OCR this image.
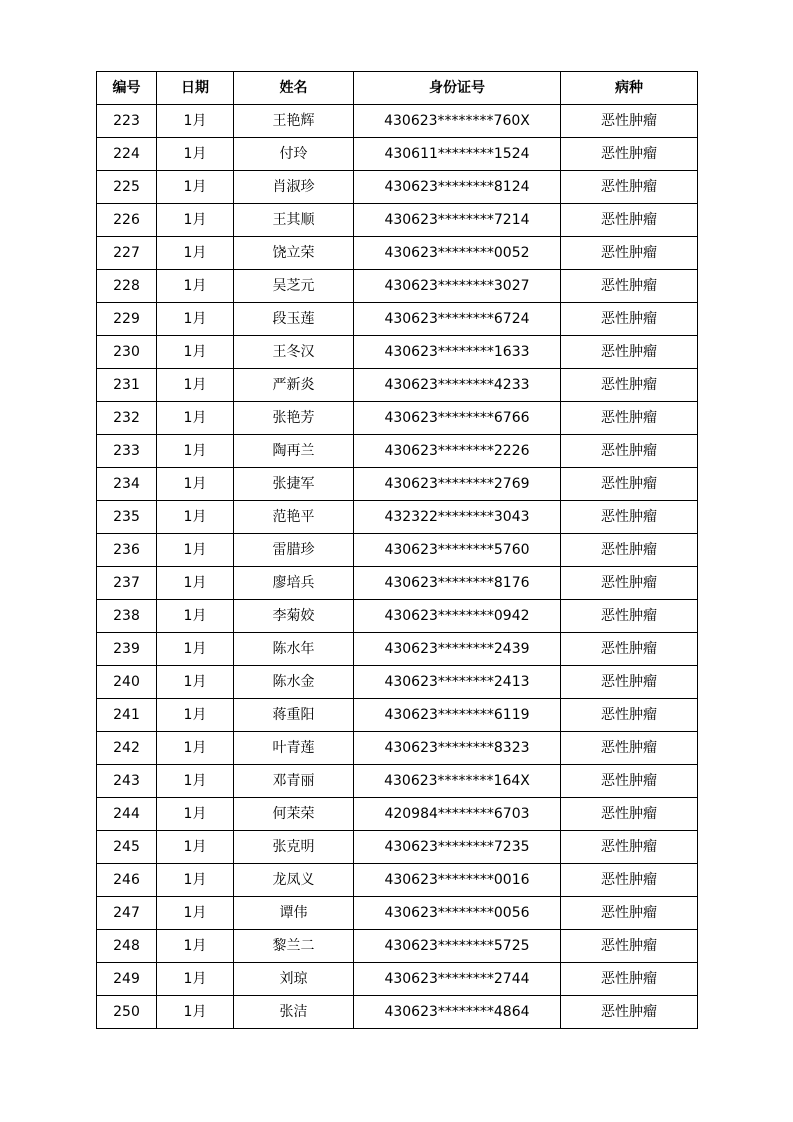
编号	日期	姓名	身份证号	病种
223	1月	王艳辉	430623********760X	恶性肿瘤
224	1月	付玲	430611********1524	恶性肿瘤
225	1月	肖淑珍	430623********8124	恶性肿瘤
226	1月	王其顺	430623********7214	恶性肿瘤
227	1月	饶立荣	430623********0052	恶性肿瘤
228	1月	吴芝元	430623********3027	恶性肿瘤
229	1月	段玉莲	430623********6724	恶性肿瘤
230	1月	王冬汉	430623********1633	恶性肿瘤
231	1月	严新炎	430623********4233	恶性肿瘤
232	1月	张艳芳	430623********6766	恶性肿瘤
233	1月	陶再兰	430623********2226	恶性肿瘤
234	1月	张捷军	430623********2769	恶性肿瘤
235	1月	范艳平	432322********3043	恶性肿瘤
236	1月	雷腊珍	430623********5760	恶性肿瘤
237	1月	廖培兵	430623********8176	恶性肿瘤
238	1月	李菊姣	430623********0942	恶性肿瘤
239	1月	陈水年	430623********2439	恶性肿瘤
240	1月	陈水金	430623********2413	恶性肿瘤
241	1月	蒋重阳	430623********6119	恶性肿瘤
242	1月	叶青莲	430623********8323	恶性肿瘤
243	1月	邓青丽	430623********164X	恶性肿瘤
244	1月	何茉荣	420984********6703	恶性肿瘤
245	1月	张克明	430623********7235	恶性肿瘤
246	1月	龙凤义	430623********0016	恶性肿瘤
247	1月	谭伟	430623********0056	恶性肿瘤
248	1月	黎兰二	430623********5725	恶性肿瘤
249	1月	刘琼	430623********2744	恶性肿瘤
250	1月	张洁	430623********4864	恶性肿瘤
